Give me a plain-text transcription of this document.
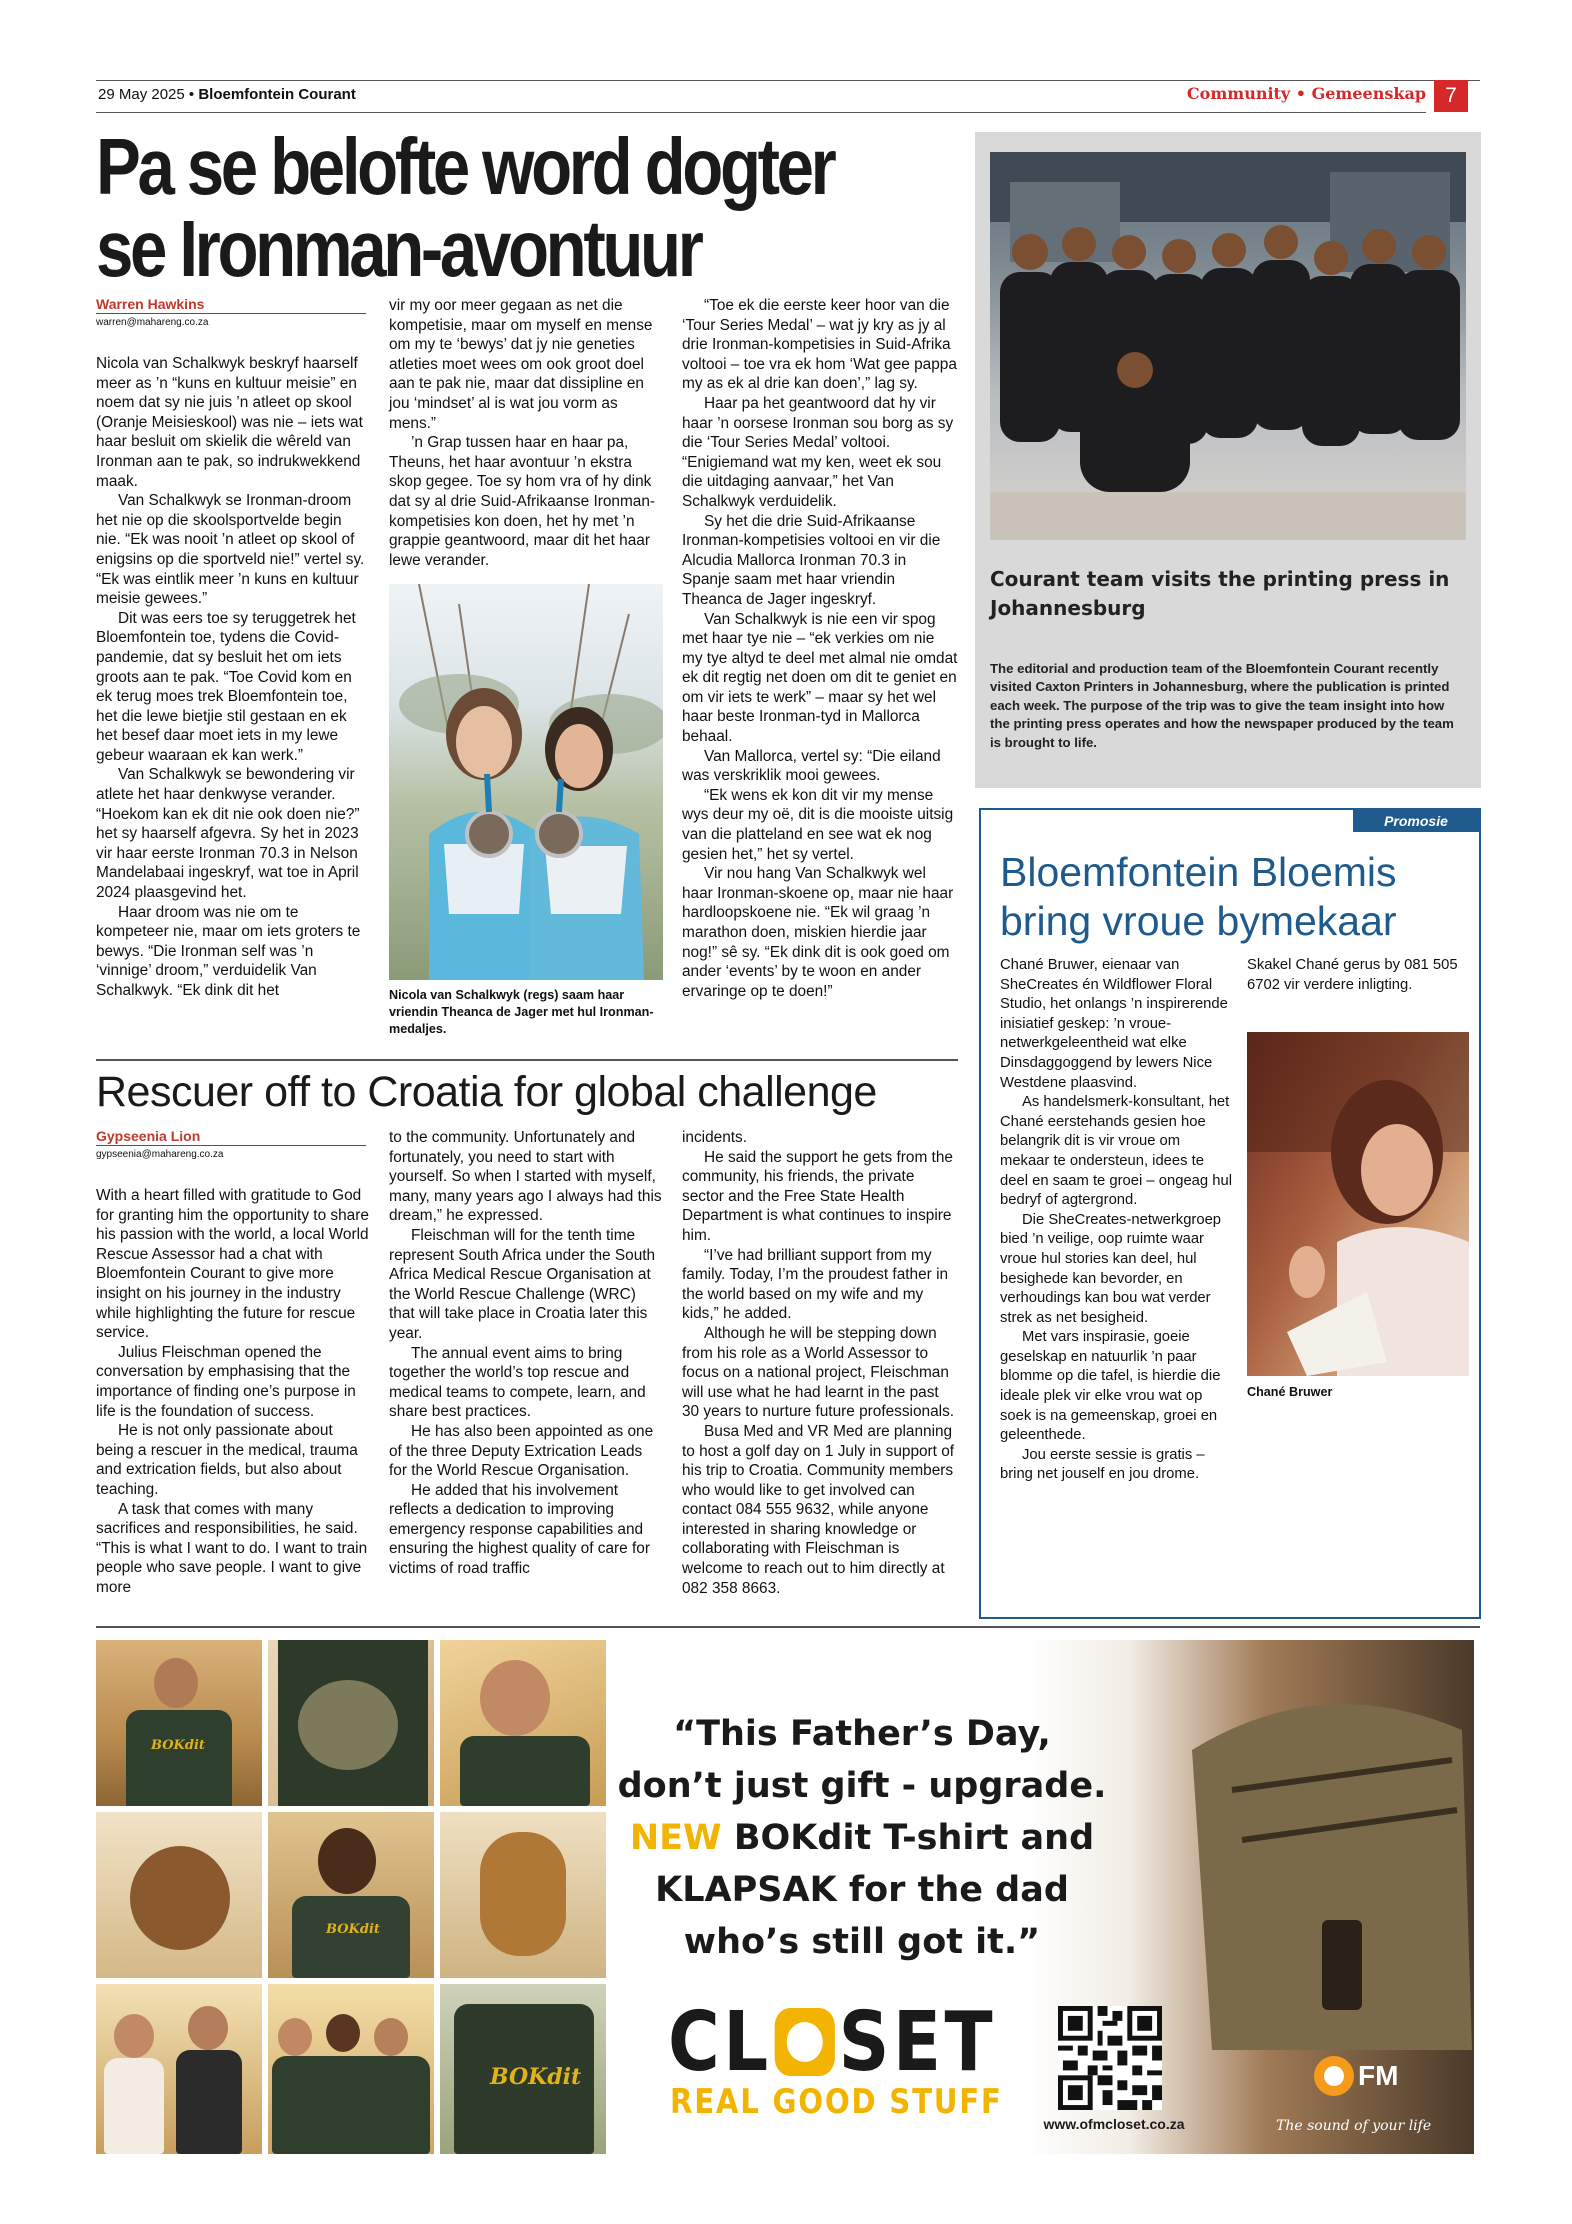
29 May 2025 • Bloemfontein Courant	Community • Gemeenskap 7
Pa se belofte word dogter
se Ironman-avontuur
Warren Hawkins
warren@mahareng.co.za

Nicola van Schalkwyk beskryf haarself meer as ’n “kuns en kultuur meisie” en noem dat sy nie juis ’n atleet op skool (Oranje Meisieskool) was nie – iets wat haar besluit om skielik die wêreld van Ironman aan te pak, so indrukwekkend maak.

Van Schalkwyk se Ironman-droom het nie op die skoolsportvelde begin nie. “Ek was nooit ’n atleet op skool of enigsins op die sportveld nie!” vertel sy. “Ek was eintlik meer ’n kuns en kultuur meisie gewees.”

Dit was eers toe sy teruggetrek het Bloemfontein toe, tydens die Covid-pandemie, dat sy besluit het om iets groots aan te pak. “Toe Covid kom en ek terug moes trek Bloemfontein toe, het die lewe bietjie stil gestaan en ek het besef daar moet iets in my lewe gebeur waaraan ek kan werk.”

Van Schalkwyk se bewondering vir atlete het haar denkwyse verander. “Hoekom kan ek dit nie ook doen nie?” het sy haarself afgevra. Sy het in 2023 vir haar eerste Ironman 70.3 in Nelson Mandelabaai ingeskryf, wat toe in April 2024 plaasgevind het.

Haar droom was nie om te kompeteer nie, maar om iets groters te bewys. “Die Ironman self was ’n ‘vinnige’ droom,” verduidelik Van Schalkwyk. “Ek dink dit het

vir my oor meer gegaan as net die kompetisie, maar om myself en mense om my te ‘bewys’ dat jy nie geneties atleties moet wees om ook groot doel aan te pak nie, maar dat dissipline en jou ‘mindset’ al is wat jou vorm as mens.”

’n Grap tussen haar en haar pa, Theuns, het haar avontuur ’n ekstra skop gegee. Toe sy hom vra of hy dink dat sy al drie Suid-Afrikaanse Ironman-kompetisies kon doen, het hy met ’n grappie geantwoord, maar dit het haar lewe verander.

Nicola van Schalkwyk (regs) saam haar vriendin Theanca de Jager met hul Ironman-medaljes.

“Toe ek die eerste keer hoor van die ‘Tour Series Medal’ – wat jy kry as jy al drie Ironman-kompetisies in Suid-Afrika voltooi – toe vra ek hom ‘Wat gee pappa my as ek al drie kan doen’,” lag sy.

Haar pa het geantwoord dat hy vir haar ’n oorsese Ironman sou borg as sy die ‘Tour Series Medal’ voltooi. “Enigiemand wat my ken, weet ek sou die uitdaging aanvaar,” het Van Schalkwyk verduidelik.

Sy het die drie Suid-Afrikaanse Ironman-kompetisies voltooi en vir die Alcudia Mallorca Ironman 70.3 in Spanje saam met haar vriendin Theanca de Jager ingeskryf.

Van Schalkwyk is nie een vir spog met haar tye nie – “ek verkies om nie my tye altyd te deel met almal nie omdat ek dit regtig net doen om dit te geniet en om vir iets te werk” – maar sy het wel haar beste Ironman-tyd in Mallorca behaal.

Van Mallorca, vertel sy: “Die eiland was verskriklik mooi gewees.

“Ek wens ek kon dit vir my mense wys deur my oë, dit is die mooiste uitsig van die platteland en see wat ek nog gesien het,” het sy vertel.

Vir nou hang Van Schalkwyk wel haar Ironman-skoene op, maar nie haar hardloopskoene nie. “Ek wil graag ’n marathon doen, miskien hierdie jaar nog!” sê sy. “Ek dink dit is ook goed om ander ‘events’ by te woon en ander ervaringe op te doen!”

Courant team visits the printing press in Johannesburg
The editorial and production team of the Bloemfontein Courant recently visited Caxton Printers in Johannesburg, where the publication is printed each week. The purpose of the trip was to give the team insight into how the printing press operates and how the newspaper produced by the team is brought to life.
Promosie
Bloemfontein Bloemis
bring vroue bymekaar

Chané Bruwer, eienaar van SheCreates én Wildflower Floral Studio, het onlangs ’n inspirerende inisiatief geskep: ’n vroue-netwerkgeleentheid wat elke Dinsdaggoggend by lewers Nice Westdene plaasvind.

As handelsmerk-konsultant, het Chané eerstehands gesien hoe belangrik dit is vir vroue om mekaar te ondersteun, idees te deel en saam te groei – ongeag hul bedryf of agtergrond.

Die SheCreates-netwerkgroep bied ’n veilige, oop ruimte waar vroue hul stories kan deel, hul besighede kan bevorder, en verhoudings kan bou wat verder strek as net besigheid.

Met vars inspirasie, goeie geselskap en natuurlik ’n paar blomme op die tafel, is hierdie die ideale plek vir elke vrou wat op soek is na gemeenskap, groei en geleenthede.

Jou eerste sessie is gratis – bring net jouself en jou drome.

Skakel Chané gerus by 081 505 6702 vir verdere inligting.
Chané Bruwer
Rescuer off to Croatia for global challenge
Gypseenia Lion
gypseenia@mahareng.co.za

With a heart filled with gratitude to God for granting him the opportunity to share his passion with the world, a local World Rescue Assessor had a chat with Bloemfontein Courant to give more insight on his journey in the industry while highlighting the future for rescue service.

Julius Fleischman opened the conversation by emphasising that the importance of finding one’s purpose in life is the foundation of success.

He is not only passionate about being a rescuer in the medical, trauma and extrication fields, but also about teaching.

A task that comes with many sacrifices and responsibilities, he said. “This is what I want to do. I want to train people who save people. I want to give more

to the community. Unfortunately and fortunately, you need to start with yourself. So when I started with myself, many, many years ago I always had this dream,” he expressed.

Fleischman will for the tenth time represent South Africa under the South Africa Medical Rescue Organisation at the World Rescue Challenge (WRC) that will take place in Croatia later this year.

The annual event aims to bring together the world’s top rescue and medical teams to compete, learn, and share best practices.

He has also been appointed as one of the three Deputy Extrication Leads for the World Rescue Organisation.

He added that his involvement reflects a dedication to improving emergency response capabilities and ensuring the highest quality of care for victims of road traffic

incidents.

He said the support he gets from the community, his friends, the private sector and the Free State Health Department is what continues to inspire him.

“I’ve had brilliant support from my family. Today, I’m the proudest father in the world based on my wife and my kids,” he added.

Although he will be stepping down from his role as a World Assessor to focus on a national project, Fleischman will use what he had learnt in the past 30 years to nurture future professionals.

Busa Med and VR Med are planning to host a golf day on 1 July in support of his trip to Croatia. Community members who would like to get involved can contact 084 555 9632, while anyone interested in sharing knowledge or collaborating with Fleischman is welcome to reach out to him directly at 082 358 8663.

BOKdit
BOKdit
BOKdit
“This Father’s Day,
don’t just gift - upgrade.
NEW BOKdit T-shirt and
KLAPSAK for the dad
who’s still got it.”
CL SET
REAL GOOD STUFF
www.ofmcloset.co.za
FM
The sound of your life
